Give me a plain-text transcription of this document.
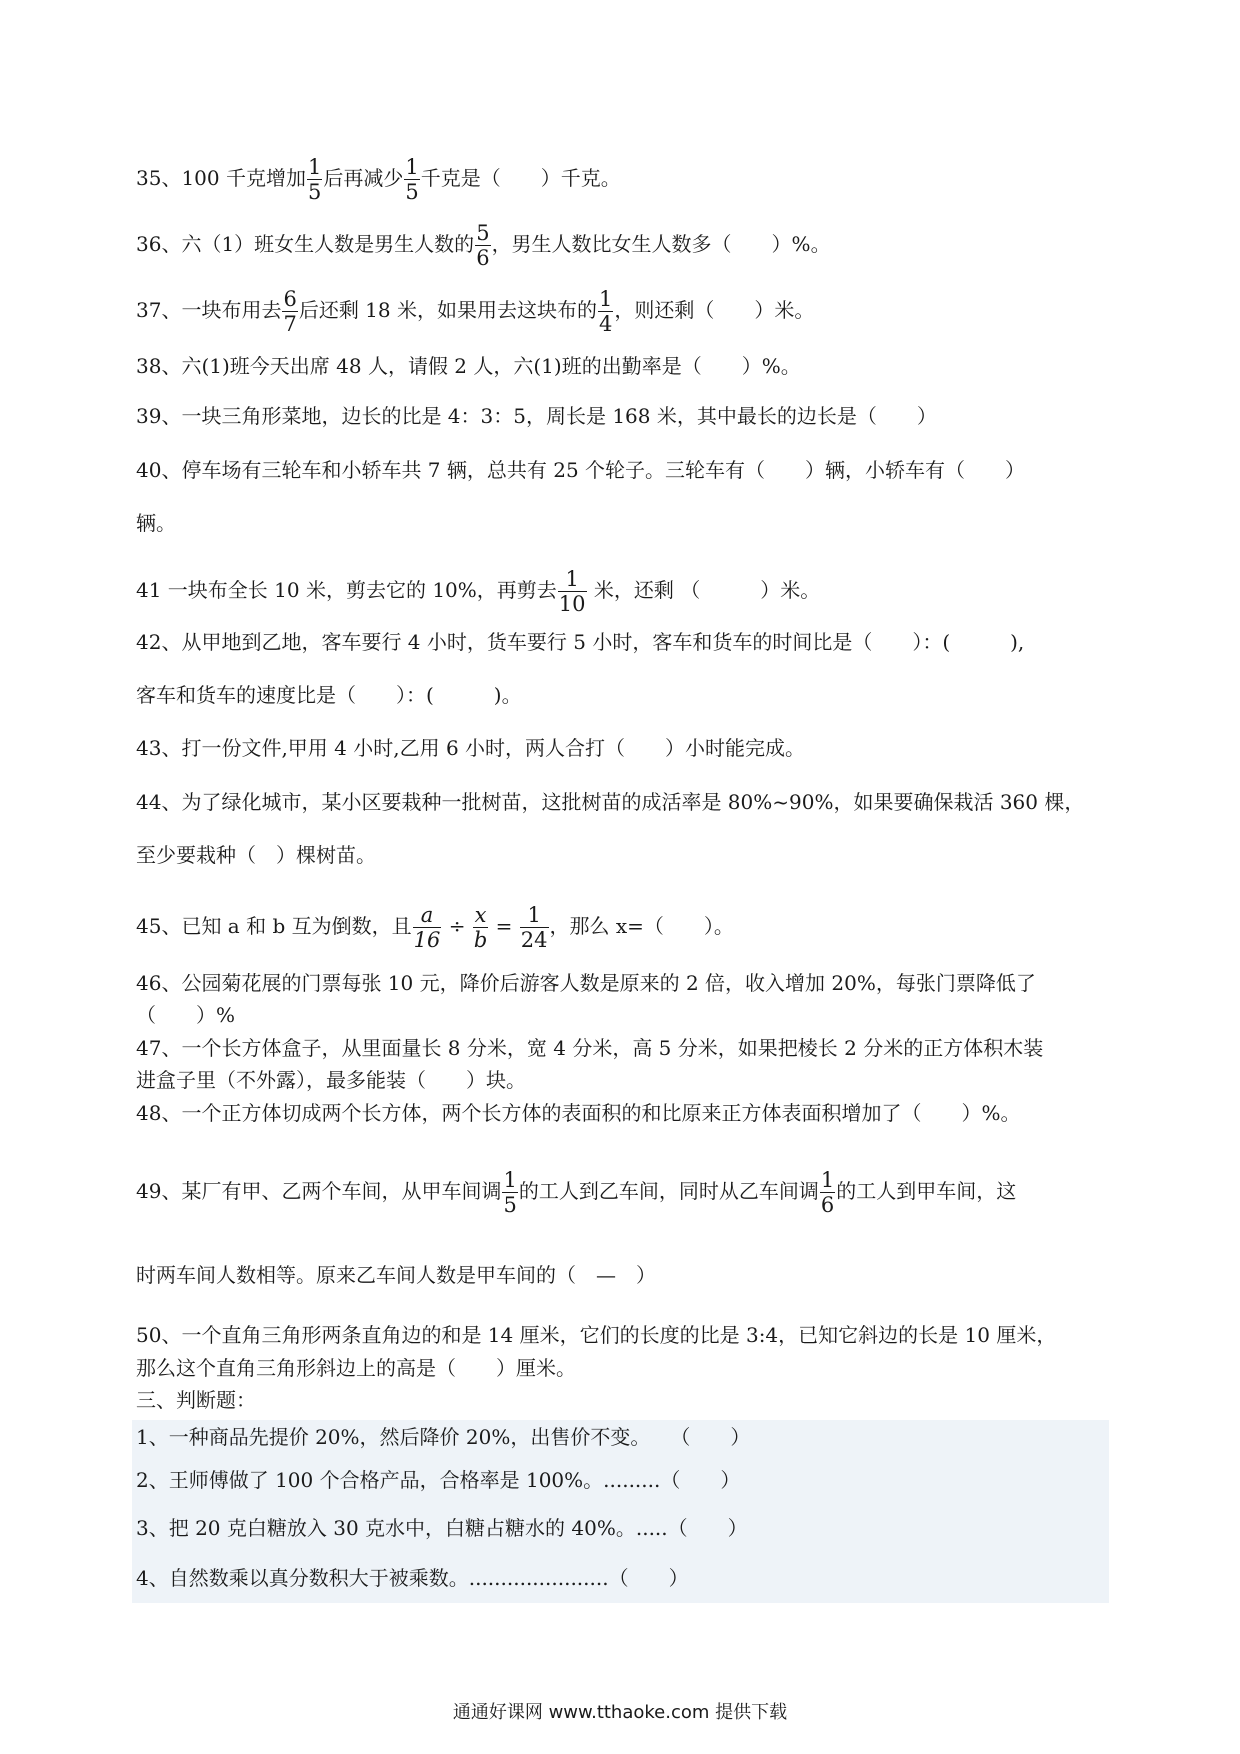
35、100 千克增加 $\frac{1}{5}$ 后再减少 $\frac{1}{5}$ 千克是（　　）千克。
36、六（1）班女生人数是男生人数的 $\frac{5}{6}$ ，男生人数比女生人数多（　　）%。
37、一块布用去 $\frac{6}{7}$ 后还剩 18 米，如果用去这块布的 $\frac{1}{4}$ ，则还剩（　　）米。
38、六(1)班今天出席 48 人，请假 2 人，六(1)班的出勤率是（　　）%。
39、一块三角形菜地，边长的比是 4：3：5，周长是 168 米，其中最长的边长是（　　）
40、停车场有三轮车和小轿车共 7 辆，总共有 25 个轮子。三轮车有（　　）辆，小轿车有（　　）
辆。
41 一块布全长 10 米，剪去它的 10%，再剪去 $\frac{1}{10}$ 米，还剩 （　　　）米。
42、从甲地到乙地，客车要行 4 小时，货车要行 5 小时，客车和货车的时间比是（　　）：(　　　),
客车和货车的速度比是（　　）：(　　　)。
43、打一份文件,甲用 4 小时,乙用 6 小时，两人合打（　　）小时能完成。
44、为了绿化城市，某小区要栽种一批树苗，这批树苗的成活率是 80%~90%，如果要确保栽活 360 棵，
至少要栽种（　）棵树苗。
45、已知 a 和 b 互为倒数，且 $\frac{a}{16} \div \frac{x}{b} = \frac{1}{24}$ ，那么 x=（　　）。
46、公园菊花展的门票每张 10 元，降价后游客人数是原来的 2 倍，收入增加 20%，每张门票降低了
（　　）%
47、一个长方体盒子，从里面量长 8 分米，宽 4 分米，高 5 分米，如果把棱长 2 分米的正方体积木装
进盒子里（不外露），最多能装（　　）块。
48、一个正方体切成两个长方体，两个长方体的表面积的和比原来正方体表面积增加了（　　）%。
49、某厂有甲、乙两个车间，从甲车间调 $\frac{1}{5}$ 的工人到乙车间，同时从乙车间调 $\frac{1}{6}$ 的工人到甲车间，这
时两车间人数相等。原来乙车间人数是甲车间的（　—　）
50、一个直角三角形两条直角边的和是 14 厘米，它们的长度的比是 3:4，已知它斜边的长是 10 厘米，
那么这个直角三角形斜边上的高是（　　）厘米。
三、判断题：
1、一种商品先提价 20%，然后降价 20%，出售价不变。　　（　　）
2、王师傅做了 100 个合格产品，合格率是 100%。.........（　　）
3、把 20 克白糖放入 30 克水中，白糖占糖水的 40%。.....（　　）
4、自然数乘以真分数积大于被乘数。......................（　　）
通通好课网 www.tthaoke.com 提供下载
